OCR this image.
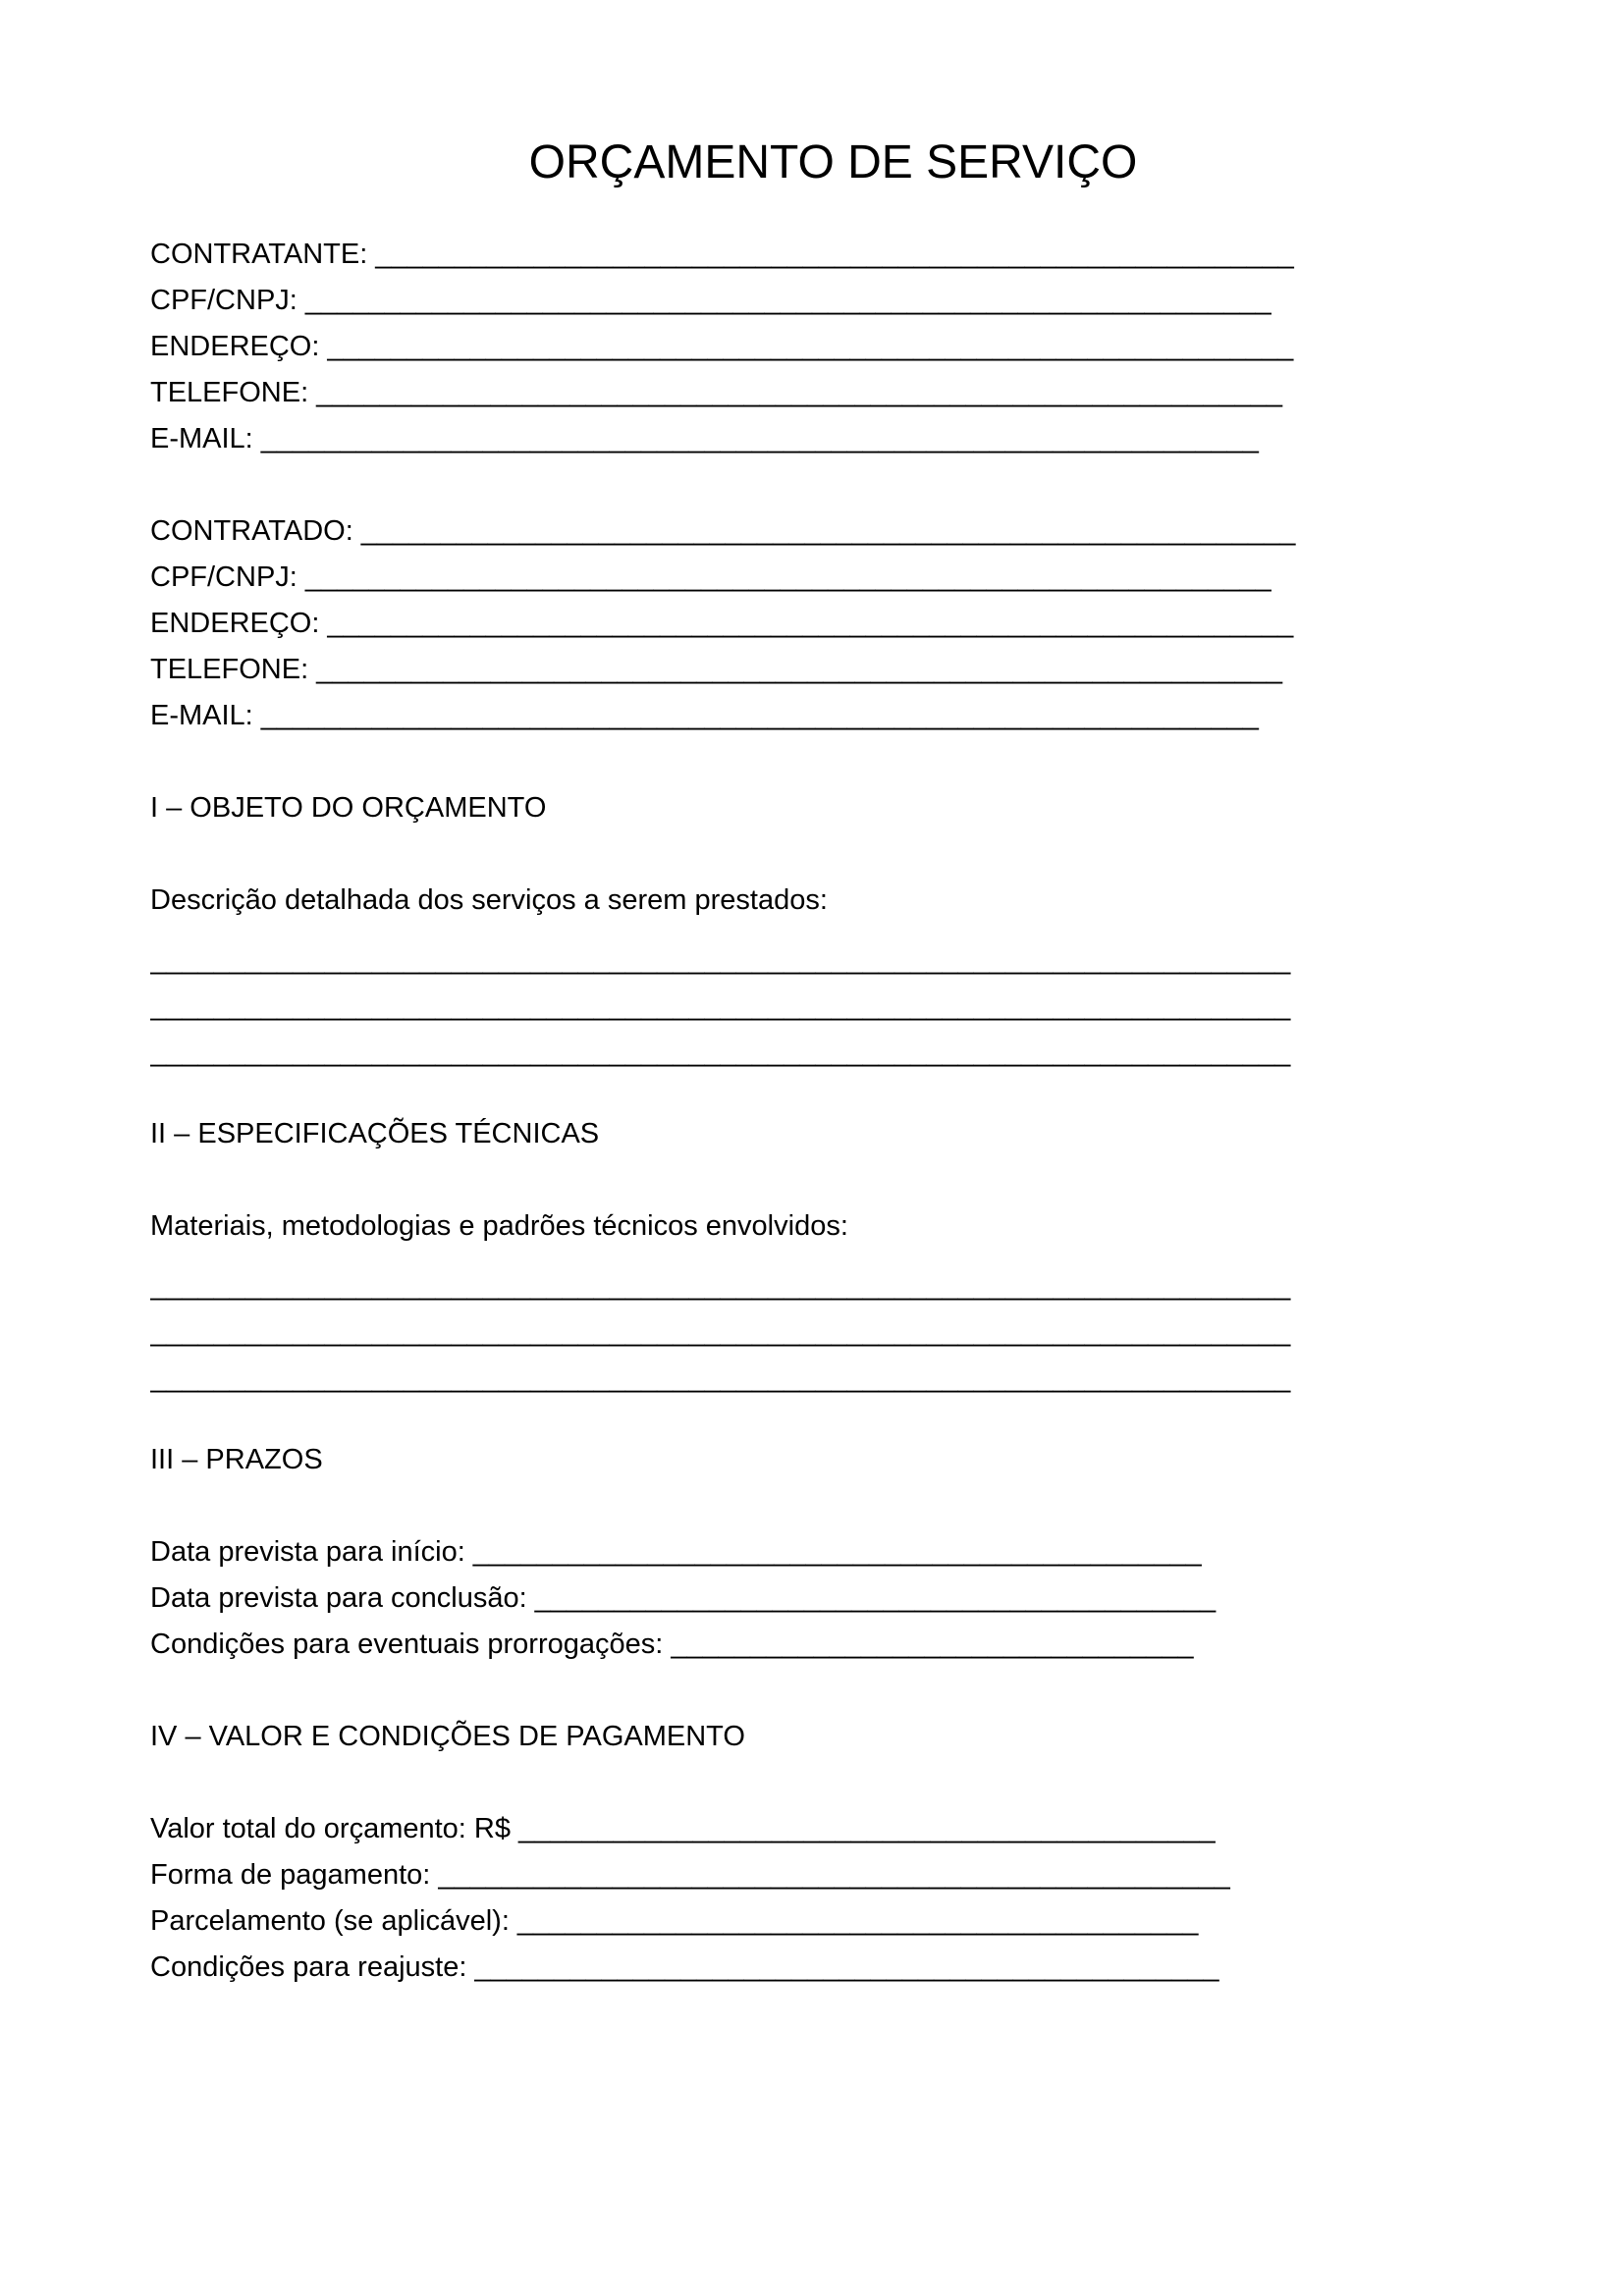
ORÇAMENTO DE SERVIÇO
CONTRATANTE: __________________________________________________________
CPF/CNPJ: _____________________________________________________________
ENDEREÇO: _____________________________________________________________
TELEFONE: _____________________________________________________________
E-MAIL: _______________________________________________________________
CONTRATADO: ___________________________________________________________
CPF/CNPJ: _____________________________________________________________
ENDEREÇO: _____________________________________________________________
TELEFONE: _____________________________________________________________
E-MAIL: _______________________________________________________________
I – OBJETO DO ORÇAMENTO
Descrição detalhada dos serviços a serem prestados:
________________________________________________________________________
________________________________________________________________________
________________________________________________________________________
II – ESPECIFICAÇÕES TÉCNICAS
Materiais, metodologias e padrões técnicos envolvidos:
________________________________________________________________________
________________________________________________________________________
________________________________________________________________________
III – PRAZOS
Data prevista para início: ______________________________________________
Data prevista para conclusão: ___________________________________________
Condições para eventuais prorrogações: _________________________________
IV – VALOR E CONDIÇÕES DE PAGAMENTO
Valor total do orçamento: R$ ____________________________________________
Forma de pagamento: __________________________________________________
Parcelamento (se aplicável): ___________________________________________
Condições para reajuste: _______________________________________________
